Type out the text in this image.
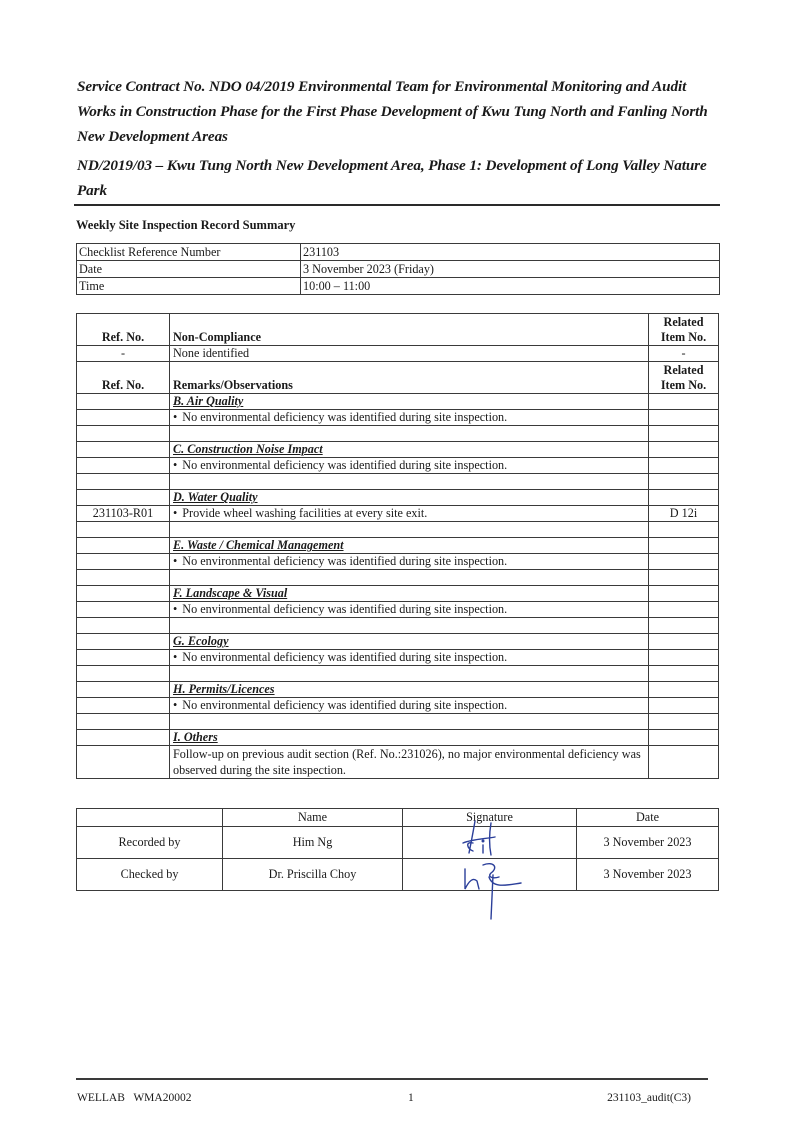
Service Contract No. NDO 04/2019 Environmental Team for Environmental Monitoring and Audit Works in Construction Phase for the First Phase Development of Kwu Tung North and Fanling North New Development Areas
ND/2019/03 – Kwu Tung North New Development Area, Phase 1: Development of Long Valley Nature Park
Weekly Site Inspection Record Summary
Checklist Reference Number	231103
Date	3 November 2023 (Friday)
Time	10:00 – 11:00
Ref. No.	Non-Compliance	Related Item No.
-	None identified	-
Ref. No.	Remarks/Observations	Related Item No.
	B. Air Quality	
	• No environmental deficiency was identified during site inspection.	

	C. Construction Noise Impact	
	• No environmental deficiency was identified during site inspection.	

	D. Water Quality	
231103-R01	• Provide wheel washing facilities at every site exit.	D 12i

	E. Waste / Chemical Management	
	• No environmental deficiency was identified during site inspection.	

	F. Landscape & Visual	
	• No environmental deficiency was identified during site inspection.	

	G. Ecology	
	• No environmental deficiency was identified during site inspection.	

	H. Permits/Licences	
	• No environmental deficiency was identified during site inspection.	

	I. Others	
	Follow-up on previous audit section (Ref. No.:231026), no major environmental deficiency was observed during the site inspection.	
	Name	Signature	Date
Recorded by	Him Ng		3 November 2023
Checked by	Dr. Priscilla Choy		3 November 2023
WELLAB   WMA20002	1	231103_audit(C3)
